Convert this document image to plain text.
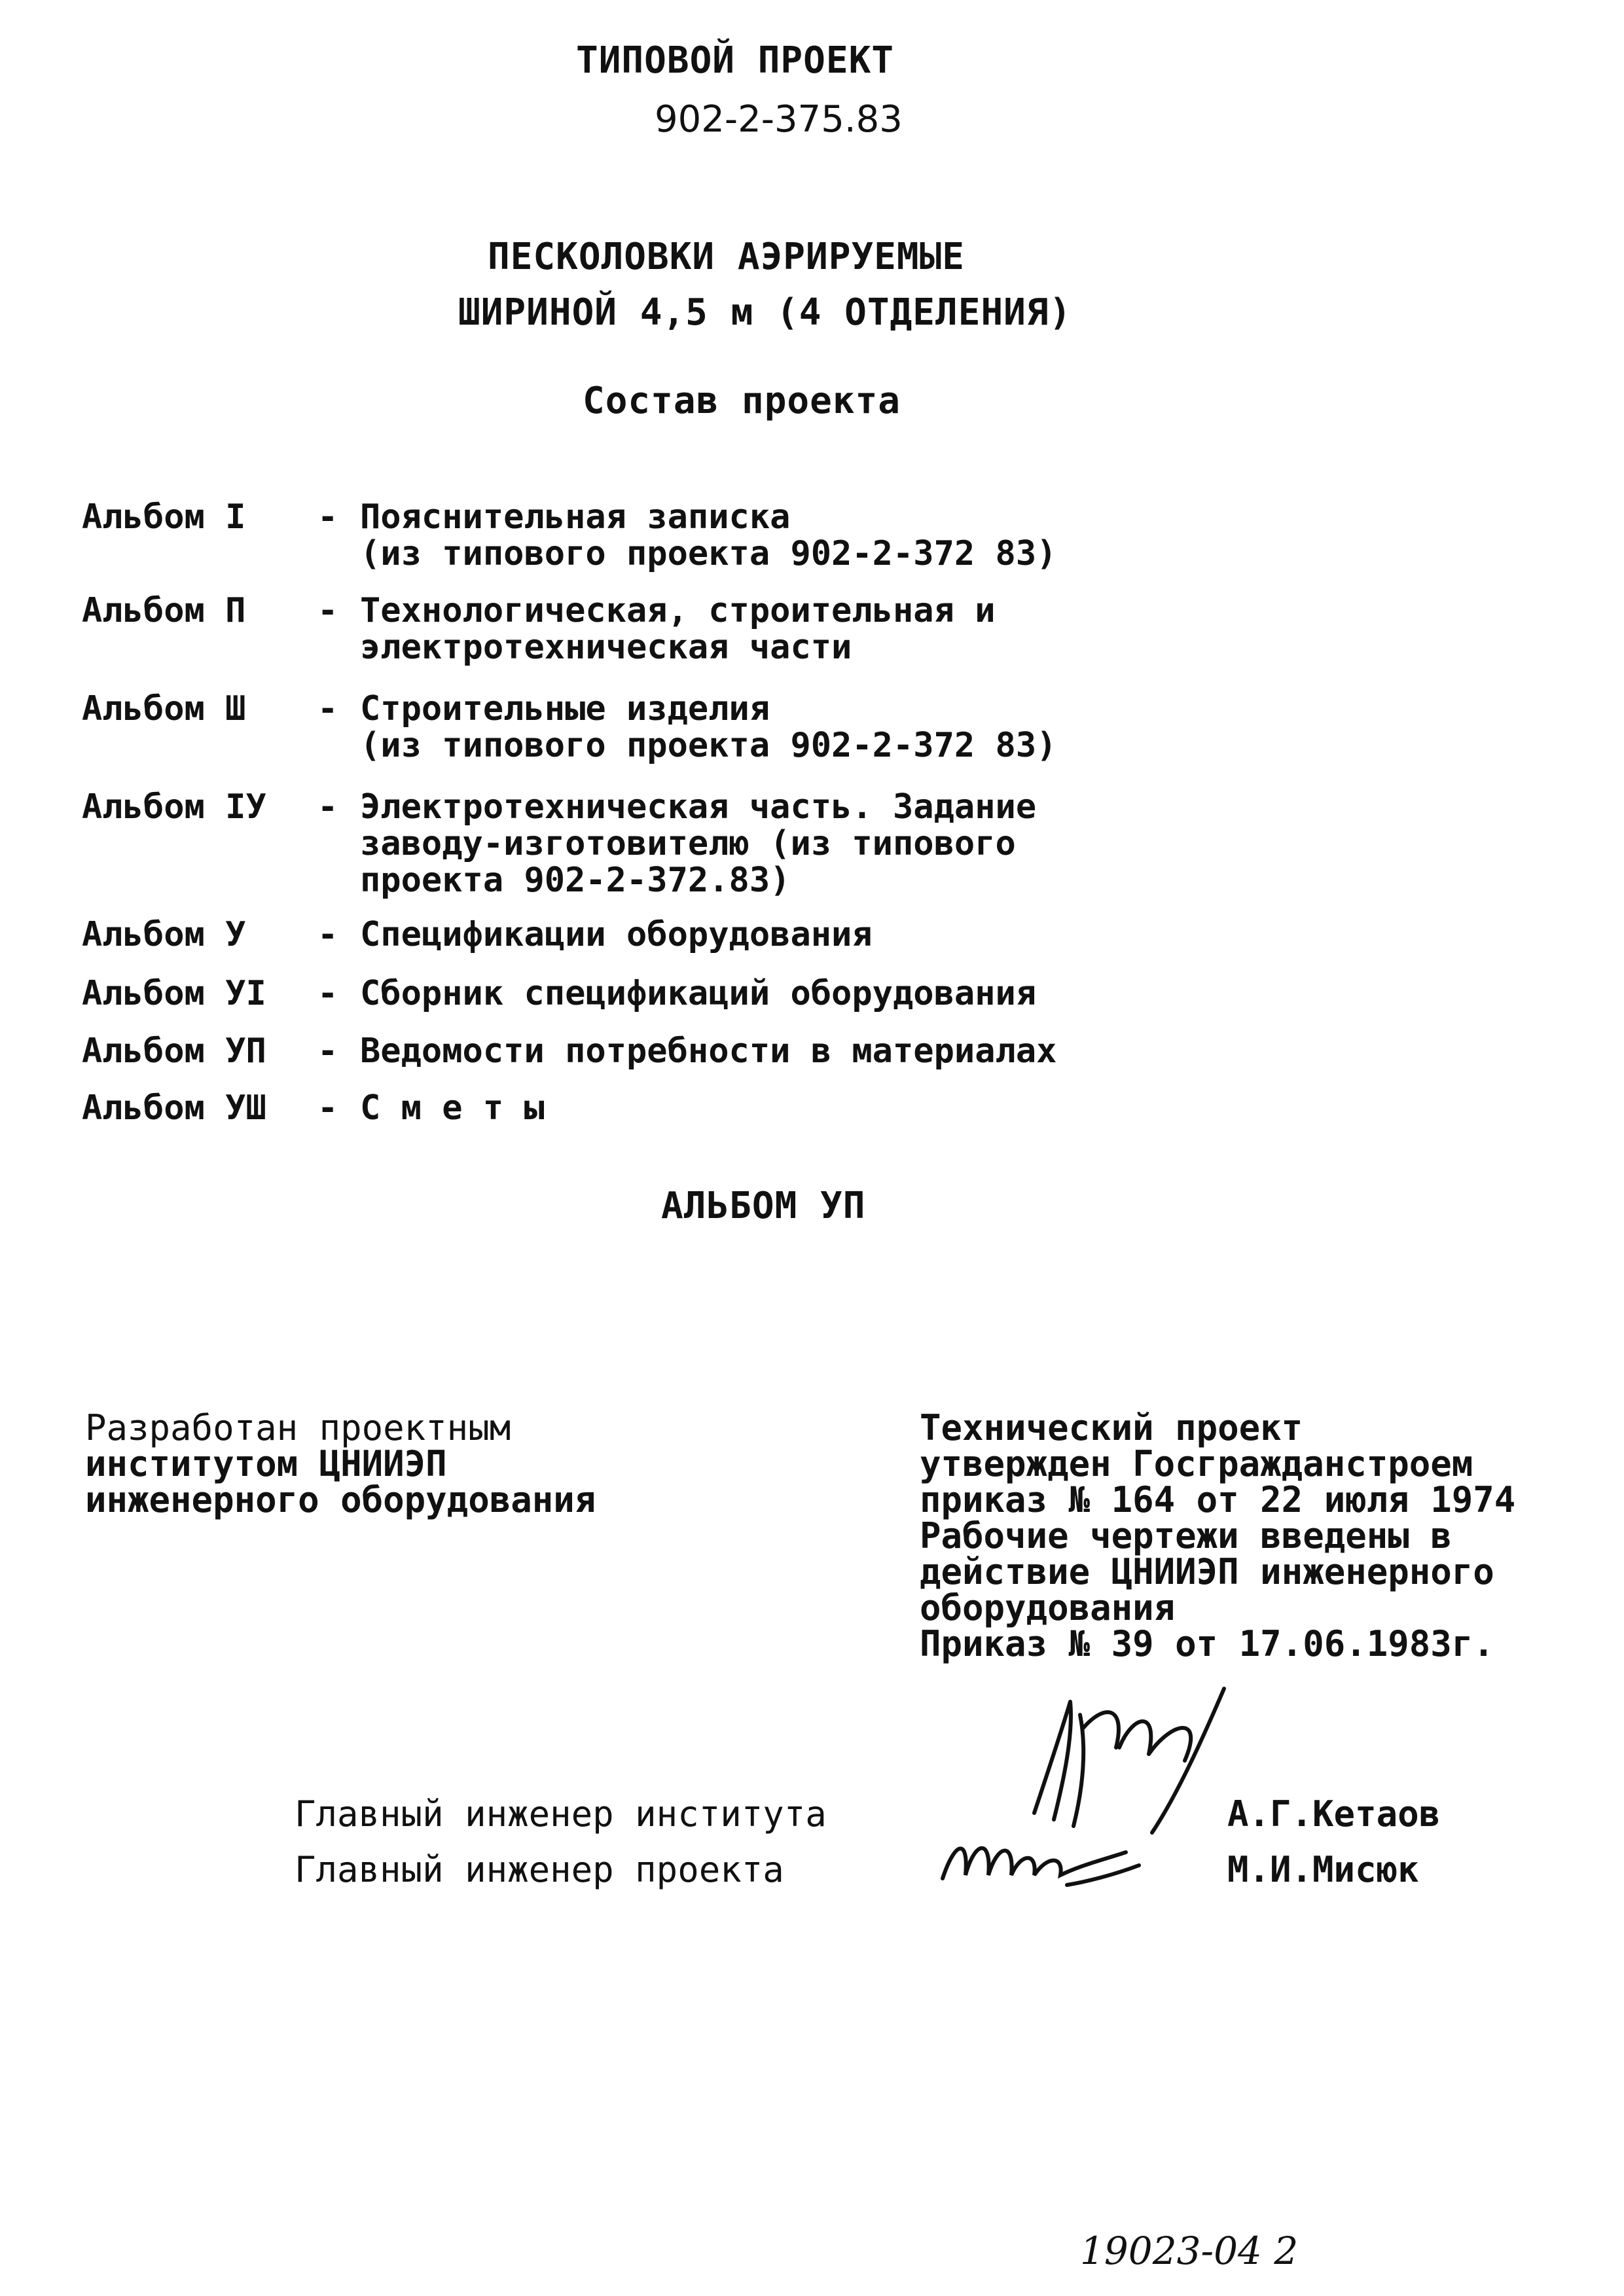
ТИПОВОЙ ПРОЕКТ
902-2-375.83
ПЕСКОЛОВКИ АЭРИРУЕМЫЕ
ШИРИНОЙ 4,5 м (4 ОТДЕЛЕНИЯ)
Состав проекта
Альбом I - Пояснительная записка
(из типового проекта 902-2-372 83)
Альбом П - Технологическая, строительная и
электротехническая части
Альбом Ш - Строительные изделия
(из типового проекта 902-2-372 83)
Альбом IУ - Электротехническая часть. Задание
заводу-изготовителю (из типового
проекта 902-2-372.83)
Альбом У - Спецификации оборудования
Альбом УI - Сборник спецификаций оборудования
Альбом УП - Ведомости потребности в материалах
Альбом УШ - С м е т ы
АЛЬБОМ УП
Разработан проектным
институтом ЦНИИЭП
инженерного оборудования
Технический проект
утвержден Госгражданстроем
приказ № 164 от 22 июля 1974
Рабочие чертежи введены в
действие ЦНИИЭП инженерного
оборудования
Приказ № 39 от 17.06.1983г.
Главный инженер института	А.Г.Кетаов
Главный инженер проекта	М.И.Мисюк
19023-04 2
